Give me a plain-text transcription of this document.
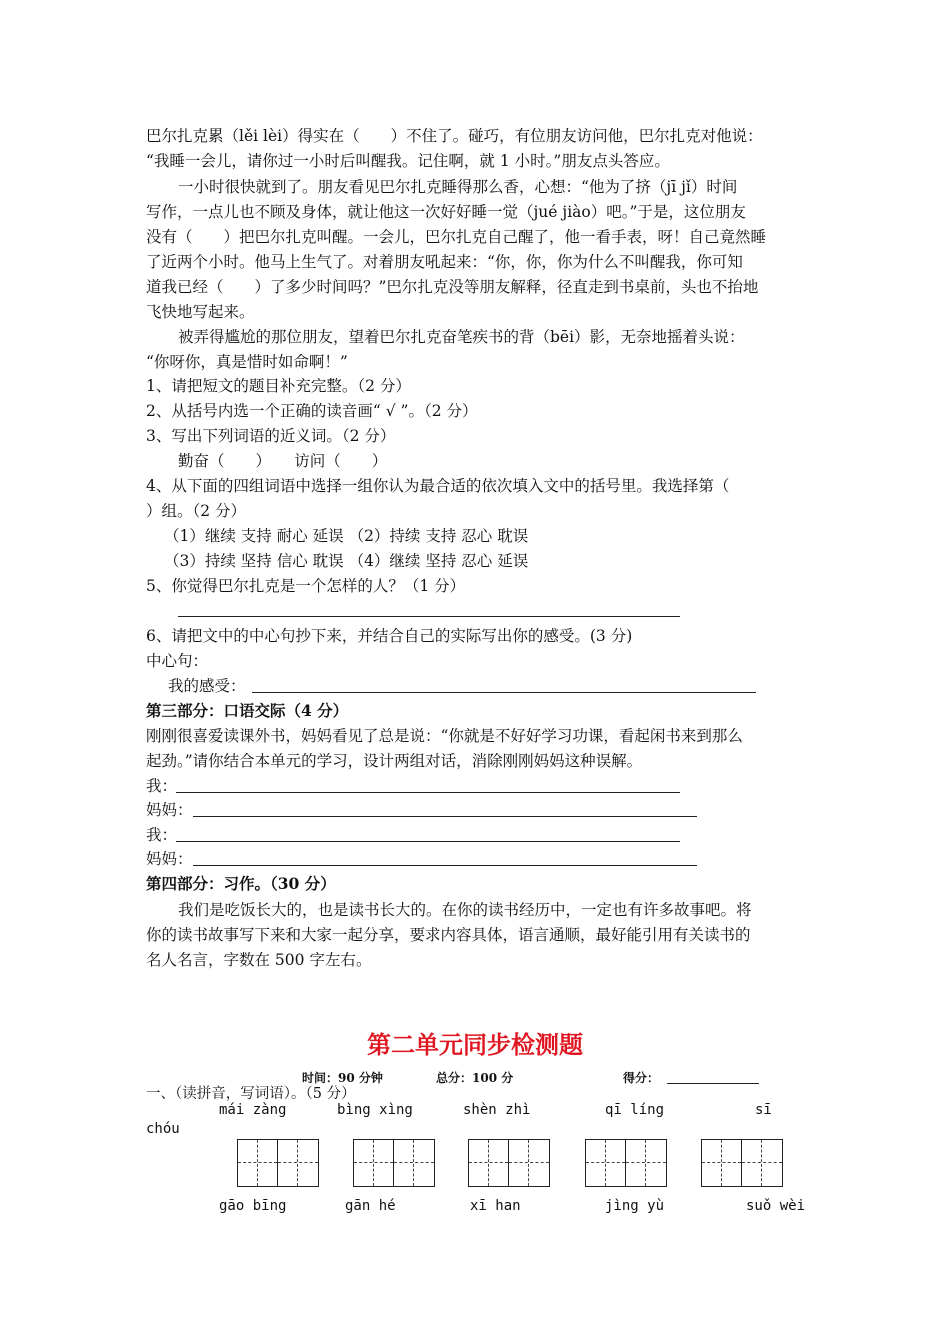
巴尔扎克累（lěi lèi）得实在（　　）不住了。碰巧，有位朋友访问他，巴尔扎克对他说：
“我睡一会儿，请你过一小时后叫醒我。记住啊，就 1 小时。”朋友点头答应。
一小时很快就到了。朋友看见巴尔扎克睡得那么香，心想：“他为了挤（jī jǐ）时间
写作，一点儿也不顾及身体，就让他这一次好好睡一觉（jué jiào）吧。”于是，这位朋友
没有（　　）把巴尔扎克叫醒。一会儿，巴尔扎克自己醒了，他一看手表，呀！自己竟然睡
了近两个小时。他马上生气了。对着朋友吼起来：“你，你，你为什么不叫醒我，你可知
道我已经（　　）了多少时间吗？”巴尔扎克没等朋友解释，径直走到书桌前，头也不抬地
飞快地写起来。
被弄得尴尬的那位朋友，望着巴尔扎克奋笔疾书的背（bēi）影，无奈地摇着头说：
“你呀你，真是惜时如命啊！”
1、请把短文的题目补充完整。（2 分）
2、从括号内选一个正确的读音画“ √ ”。（2 分）
3、写出下列词语的近义词。（2 分）
勤奋（　　）　　访问（　　）
4、从下面的四组词语中选择一组你认为最合适的依次填入文中的括号里。我选择第（
）组。（2 分）
（1）继续 支持 耐心 延误 （2）持续 支持 忍心 耽误
（3）持续 坚持 信心 耽误 （4）继续 坚持 忍心 延误
5、你觉得巴尔扎克是一个怎样的人？（1 分）
6、请把文中的中心句抄下来，并结合自己的实际写出你的感受。(3 分)
中心句：
我的感受：
第三部分：口语交际（4 分）
刚刚很喜爱读课外书，妈妈看见了总是说：“你就是不好好学习功课，看起闲书来到那么
起劲。”请你结合本单元的学习，设计两组对话，消除刚刚妈妈这种误解。
我：
妈妈：
我：
妈妈：
第四部分：习作。（30 分）
我们是吃饭长大的，也是读书长大的。在你的读书经历中，一定也有许多故事吧。将
你的读书故事写下来和大家一起分享，要求内容具体，语言通顺，最好能引用有关读书的
名人名言，字数在 500 字左右。
第二单元同步检测题
时间：90 分钟	总分：100 分	得分：
一、（读拼音，写词语）。（5 分）
mái zàng	bìng xìng	shèn zhì	qī líng	sī
chóu
gāo bīng	gān hé	xī han	jìng yù	suǒ wèi
